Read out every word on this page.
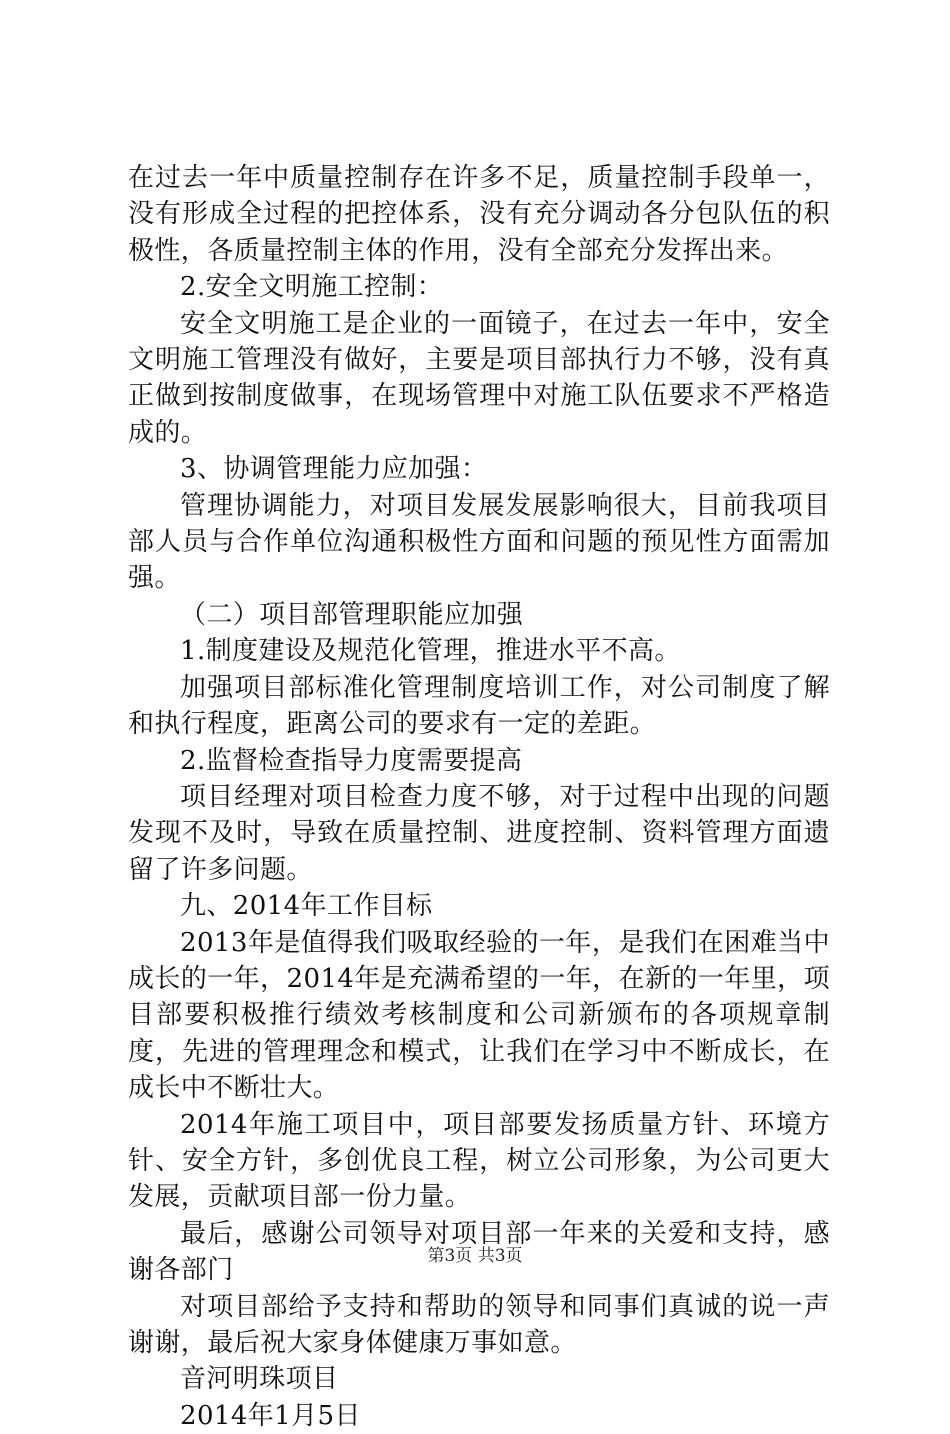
在过去一年中质量控制存在许多不足，质量控制手段单一，没有形成全过程的把控体系，没有充分调动各分包队伍的积极性，各质量控制主体的作用，没有全部充分发挥出来。

2.安全文明施工控制：

安全文明施工是企业的一面镜子，在过去一年中，安全文明施工管理没有做好，主要是项目部执行力不够，没有真正做到按制度做事，在现场管理中对施工队伍要求不严格造成的。

3、协调管理能力应加强：

管理协调能力，对项目发展发展影响很大，目前我项目部人员与合作单位沟通积极性方面和问题的预见性方面需加强。

（二）项目部管理职能应加强

1.制度建设及规范化管理，推进水平不高。

加强项目部标准化管理制度培训工作，对公司制度了解和执行程度，距离公司的要求有一定的差距。

2.监督检查指导力度需要提高

项目经理对项目检查力度不够，对于过程中出现的问题发现不及时，导致在质量控制、进度控制、资料管理方面遗留了许多问题。

九、2014年工作目标

2013年是值得我们吸取经验的一年，是我们在困难当中成长的一年，2014年是充满希望的一年，在新的一年里，项目部要积极推行绩效考核制度和公司新颁布的各项规章制度，先进的管理理念和模式，让我们在学习中不断成长，在成长中不断壮大。

2014年施工项目中，项目部要发扬质量方针、环境方针、安全方针，多创优良工程，树立公司形象，为公司更大发展，贡献项目部一份力量。

最后，感谢公司领导对项目部一年来的关爱和支持，感谢各部门

对项目部给予支持和帮助的领导和同事们真诚的说一声谢谢，最后祝大家身体健康万事如意。

音河明珠项目

2014年1月5日

第3页 共3页
